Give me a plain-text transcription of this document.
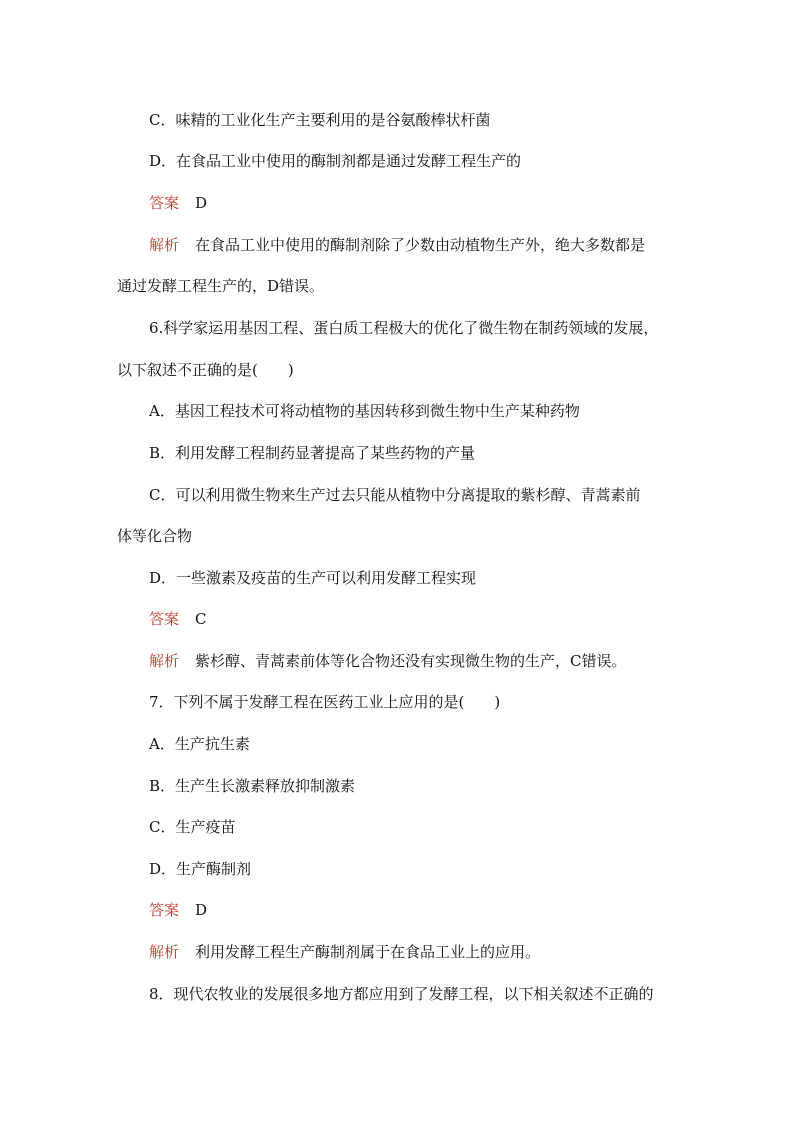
C．味精的工业化生产主要利用的是谷氨酸棒状杆菌
D．在食品工业中使用的酶制剂都是通过发酵工程生产的
答案 D
解析 在食品工业中使用的酶制剂除了少数由动植物生产外，绝大多数都是
通过发酵工程生产的，D错误。
6.科学家运用基因工程、蛋白质工程极大的优化了微生物在制药领域的发展，
以下叙述不正确的是(　　)
A．基因工程技术可将动植物的基因转移到微生物中生产某种药物
B．利用发酵工程制药显著提高了某些药物的产量
C．可以利用微生物来生产过去只能从植物中分离提取的紫杉醇、青蒿素前
体等化合物
D．一些激素及疫苗的生产可以利用发酵工程实现
答案 C
解析 紫杉醇、青蒿素前体等化合物还没有实现微生物的生产，C错误。
7．下列不属于发酵工程在医药工业上应用的是(　　)
A．生产抗生素
B．生产生长激素释放抑制激素
C．生产疫苗
D．生产酶制剂
答案 D
解析 利用发酵工程生产酶制剂属于在食品工业上的应用。
8．现代农牧业的发展很多地方都应用到了发酵工程，以下相关叙述不正确的
